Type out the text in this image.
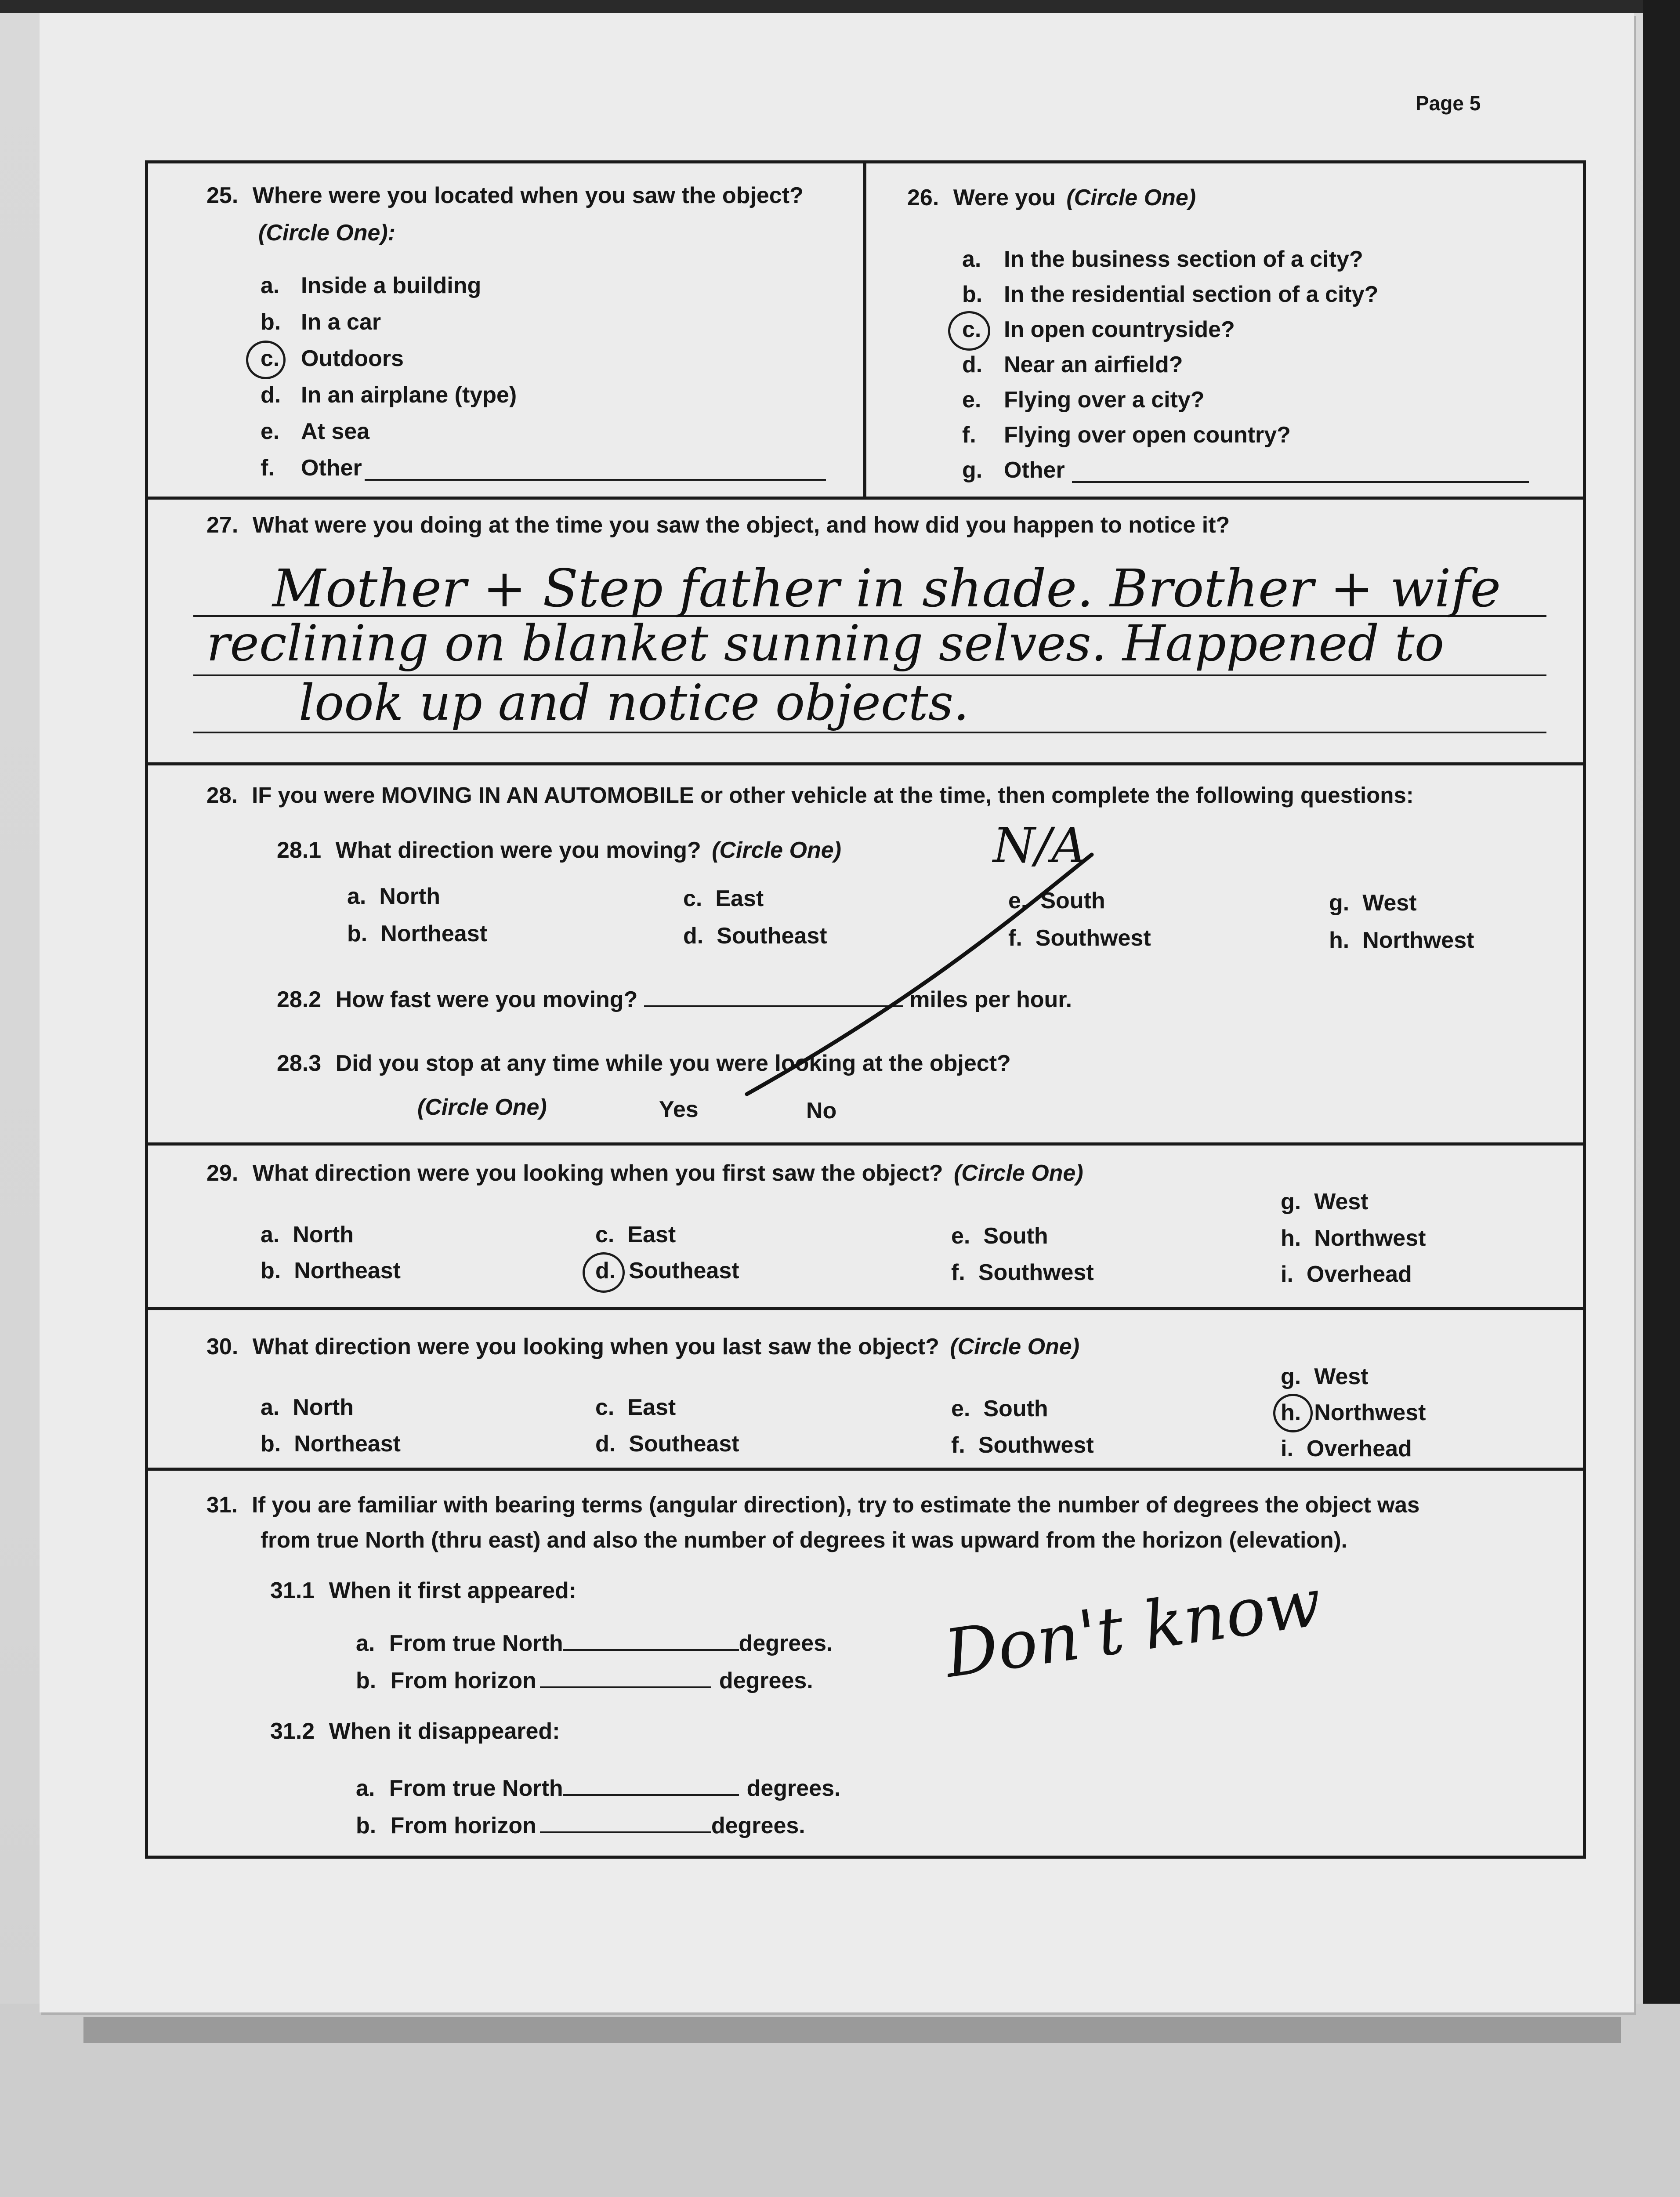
Page 5
25. Where were you located when you saw the object?
(Circle One):
a. Inside a building
b. In a car
c. Outdoors
d. In an airplane (type)
e. At sea
f. Other
26. Were you (Circle One)
a. In the business section of a city?
b. In the residential section of a city?
c. In open countryside?
d. Near an airfield?
e. Flying over a city?
f. Flying over open country?
g. Other
27. What were you doing at the time you saw the object, and how did you happen to notice it?
Mother + Step father in shade. Brother + wife
reclining on blanket sunning selves. Happened to
look up and notice objects.
28. IF you were MOVING IN AN AUTOMOBILE or other vehicle at the time, then complete the following questions:
28.1 What direction were you moving? (Circle One)
a. North
b. Northeast
c. East
d. Southeast
e. South
f. Southwest
g. West
h. Northwest
28.2 How fast were you moving?	miles per hour.
28.3 Did you stop at any time while you were looking at the object?
(Circle One)	Yes	No
N/A
29. What direction were you looking when you first saw the object? (Circle One)
a. North
b. Northeast
c. East
d. Southeast
e. South
f. Southwest
g. West
h. Northwest
i. Overhead
30. What direction were you looking when you last saw the object? (Circle One)
a. North
b. Northeast
c. East
d. Southeast
e. South
f. Southwest
g. West
h. Northwest
i. Overhead
31. If you are familiar with bearing terms (angular direction), try to estimate the number of degrees the object was
from true North (thru east) and also the number of degrees it was upward from the horizon (elevation).
31.1 When it first appeared:
a. From true North	degrees.
b. From horizon	degrees.
31.2 When it disappeared:
a. From true North	degrees.
b. From horizon	degrees.
Don't know
